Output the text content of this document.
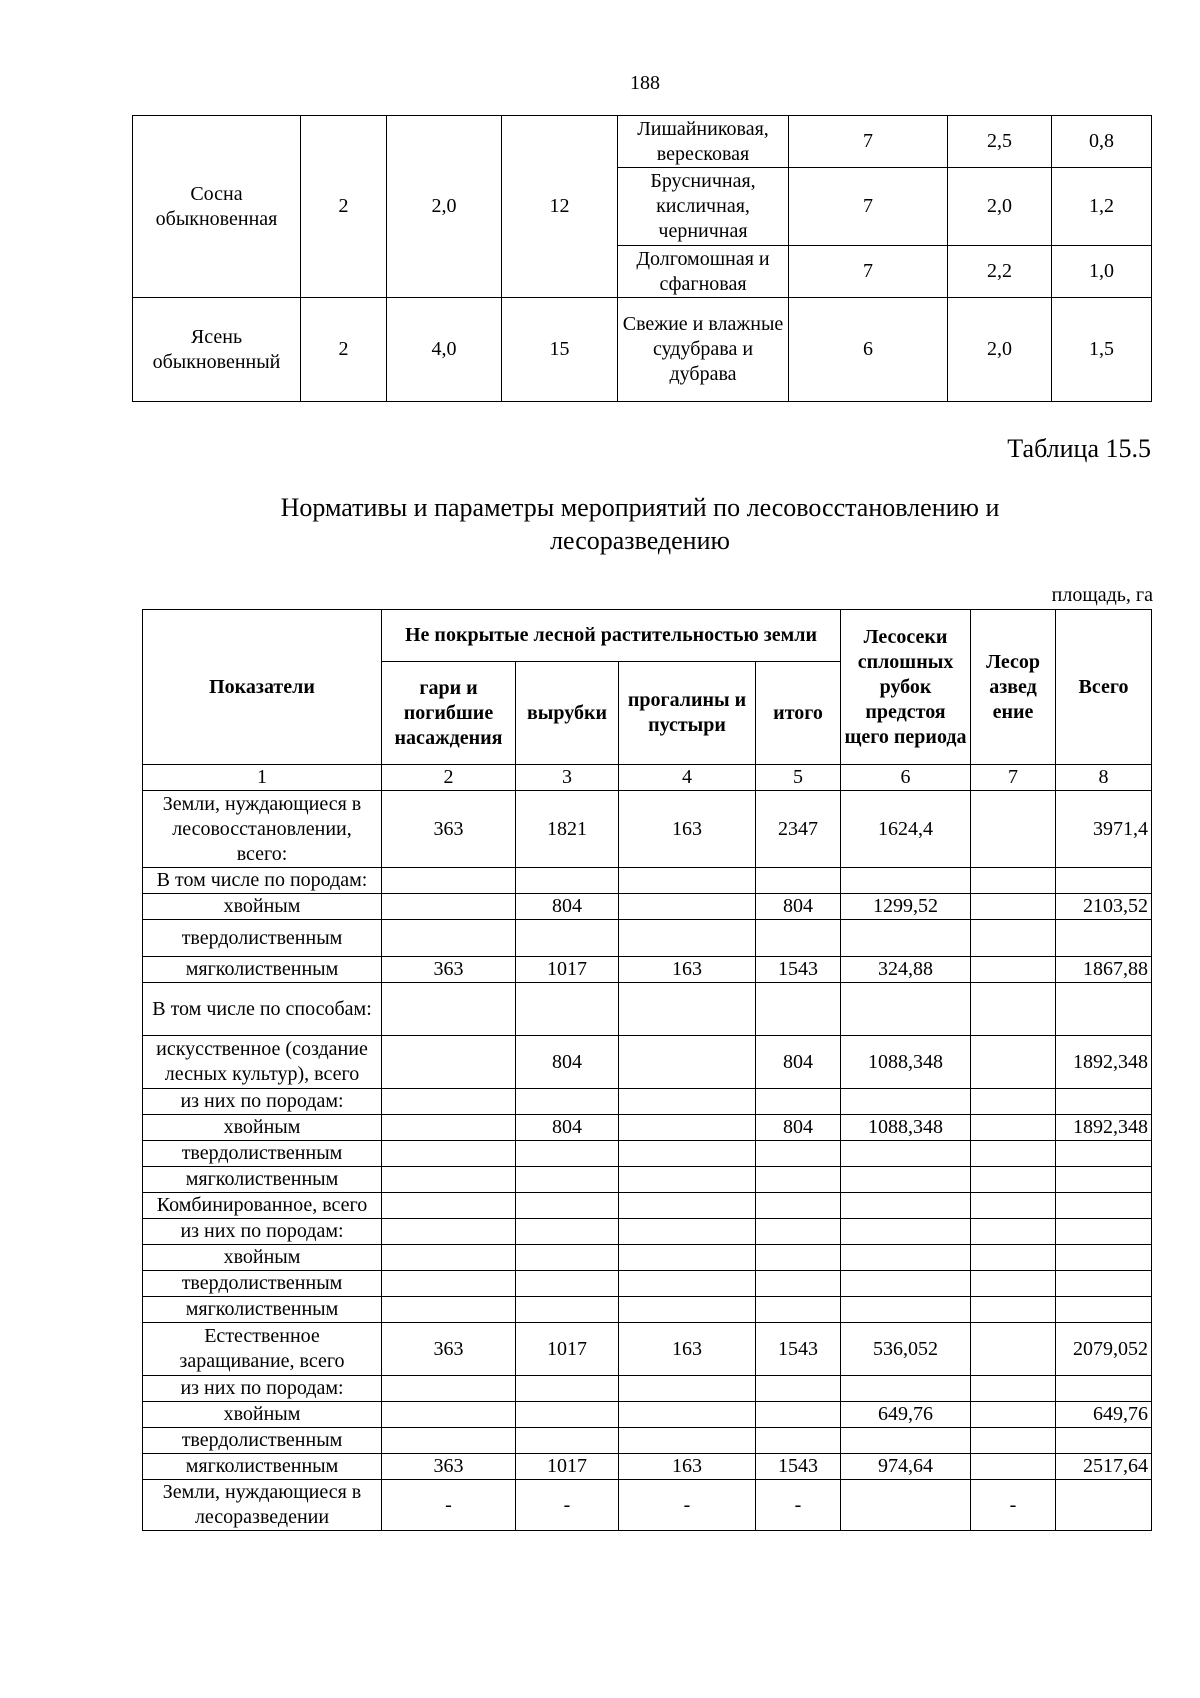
188
Сосна обыкновенная	2	2,0	12	Лишайниковая, вересковая	7	2,5	0,8
				Брусничная, кисличная, черничная	7	2,0	1,2
				Долгомошная и сфагновая	7	2,2	1,0
Ясень обыкновенный	2	4,0	15	Свежие и влажные судубрава и дубрава	6	2,0	1,5
Таблица 15.5
Нормативы и параметры мероприятий по лесовосстановлению и лесоразведению
площадь, га
Показатели	Не покрытые лесной растительностью земли				Лесосеки сплошных рубок предстоя щего периода	Лесор азвед ение	Всего
	гари и погибшие насаждения	вырубки	прогалины и пустыри	итого			
1	2	3	4	5	6	7	8
Земли, нуждающиеся в лесовосстановлении, всего:	363	1821	163	2347	1624,4		3971,4
В том числе по породам:							
хвойным		804		804	1299,52		2103,52
твердолиственным							
мягколиственным	363	1017	163	1543	324,88		1867,88
В том числе по способам:							
искусственное (создание лесных культур), всего		804		804	1088,348		1892,348
из них по породам:							
хвойным		804		804	1088,348		1892,348
твердолиственным							
мягколиственным							
Комбинированное, всего							
из них по породам:							
хвойным							
твердолиственным							
мягколиственным							
Естественное заращивание, всего	363	1017	163	1543	536,052		2079,052
из них по породам:							
хвойным					649,76		649,76
твердолиственным							
мягколиственным	363	1017	163	1543	974,64		2517,64
Земли, нуждающиеся в лесоразведении	-	-	-	-		-	
